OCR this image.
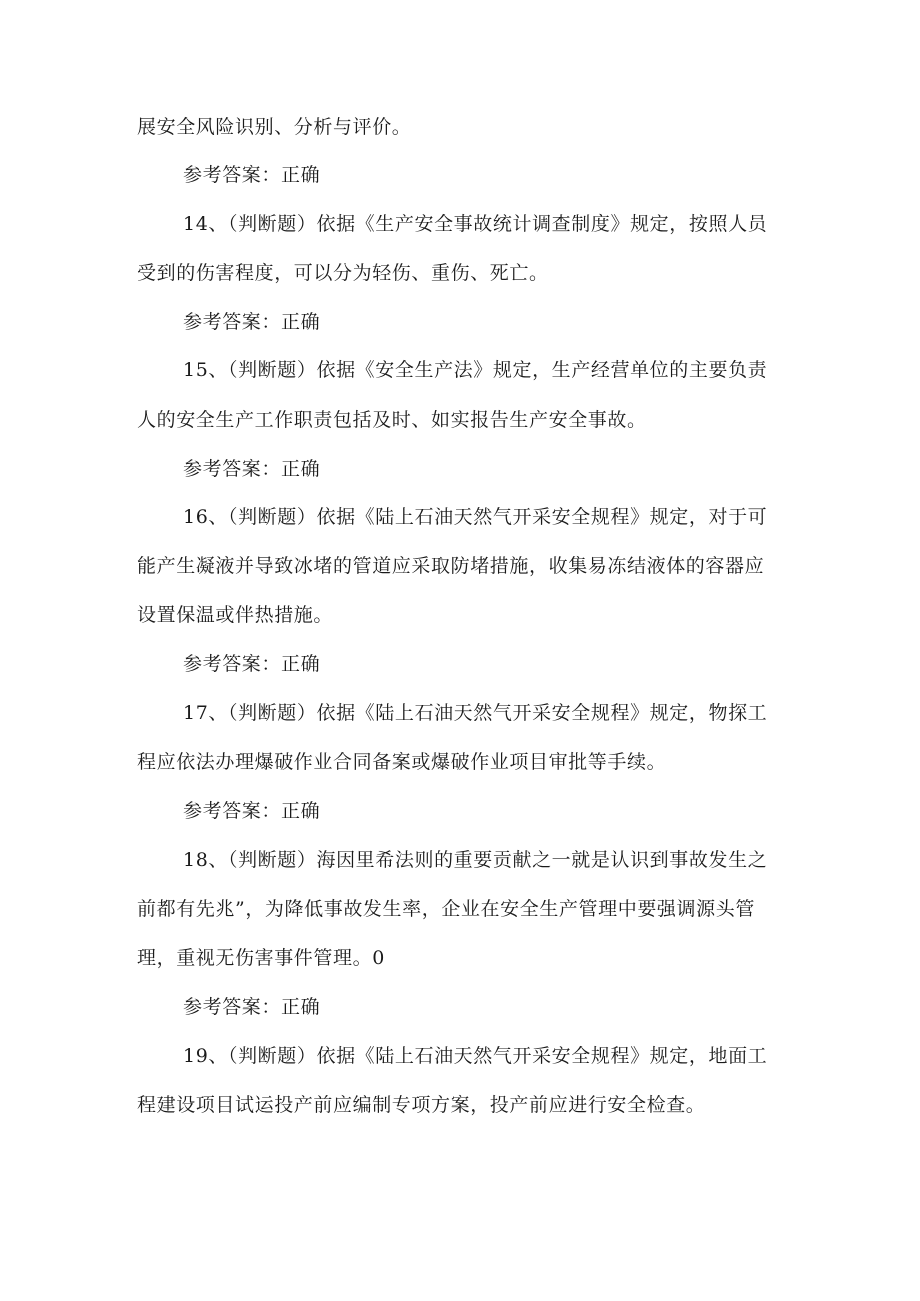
展安全风险识别、分析与评价。
参考答案：正确
14、（判断题）依据《生产安全事故统计调查制度》规定，按照人员
受到的伤害程度，可以分为轻伤、重伤、死亡。
参考答案：正确
15、（判断题）依据《安全生产法》规定，生产经营单位的主要负责
人的安全生产工作职责包括及时、如实报告生产安全事故。
参考答案：正确
16、（判断题）依据《陆上石油天然气开采安全规程》规定，对于可
能产生凝液并导致冰堵的管道应采取防堵措施，收集易冻结液体的容器应
设置保温或伴热措施。
参考答案：正确
17、（判断题）依据《陆上石油天然气开采安全规程》规定，物探工
程应依法办理爆破作业合同备案或爆破作业项目审批等手续。
参考答案：正确
18、（判断题）海因里希法则的重要贡献之一就是认识到事故发生之
前都有先兆”，为降低事故发生率，企业在安全生产管理中要强调源头管
理，重视无伤害事件管理。0
参考答案：正确
19、（判断题）依据《陆上石油天然气开采安全规程》规定，地面工
程建设项目试运投产前应编制专项方案，投产前应进行安全检查。
